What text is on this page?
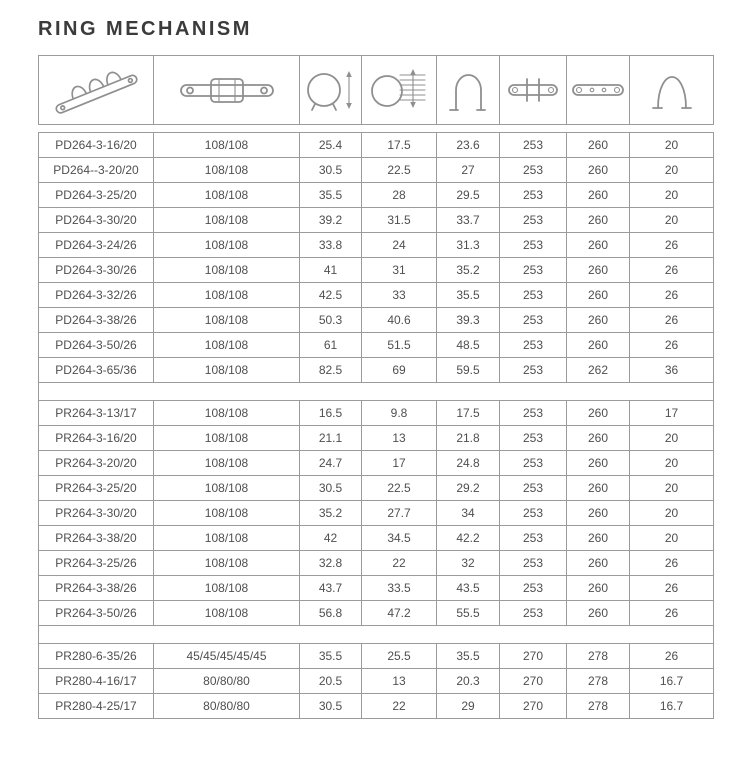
RING MECHANISM

PD264-3-16/20	108/108	25.4	17.5	23.6	253	260	20
PD264--3-20/20	108/108	30.5	22.5	27	253	260	20
PD264-3-25/20	108/108	35.5	28	29.5	253	260	20
PD264-3-30/20	108/108	39.2	31.5	33.7	253	260	20
PD264-3-24/26	108/108	33.8	24	31.3	253	260	26
PD264-3-30/26	108/108	41	31	35.2	253	260	26
PD264-3-32/26	108/108	42.5	33	35.5	253	260	26
PD264-3-38/26	108/108	50.3	40.6	39.3	253	260	26
PD264-3-50/26	108/108	61	51.5	48.5	253	260	26
PD264-3-65/36	108/108	82.5	69	59.5	253	262	36
PR264-3-13/17	108/108	16.5	9.8	17.5	253	260	17
PR264-3-16/20	108/108	21.1	13	21.8	253	260	20
PR264-3-20/20	108/108	24.7	17	24.8	253	260	20
PR264-3-25/20	108/108	30.5	22.5	29.2	253	260	20
PR264-3-30/20	108/108	35.2	27.7	34	253	260	20
PR264-3-38/20	108/108	42	34.5	42.2	253	260	20
PR264-3-25/26	108/108	32.8	22	32	253	260	26
PR264-3-38/26	108/108	43.7	33.5	43.5	253	260	26
PR264-3-50/26	108/108	56.8	47.2	55.5	253	260	26
PR280-6-35/26	45/45/45/45/45	35.5	25.5	35.5	270	278	26
PR280-4-16/17	80/80/80	20.5	13	20.3	270	278	16.7
PR280-4-25/17	80/80/80	30.5	22	29	270	278	16.7
